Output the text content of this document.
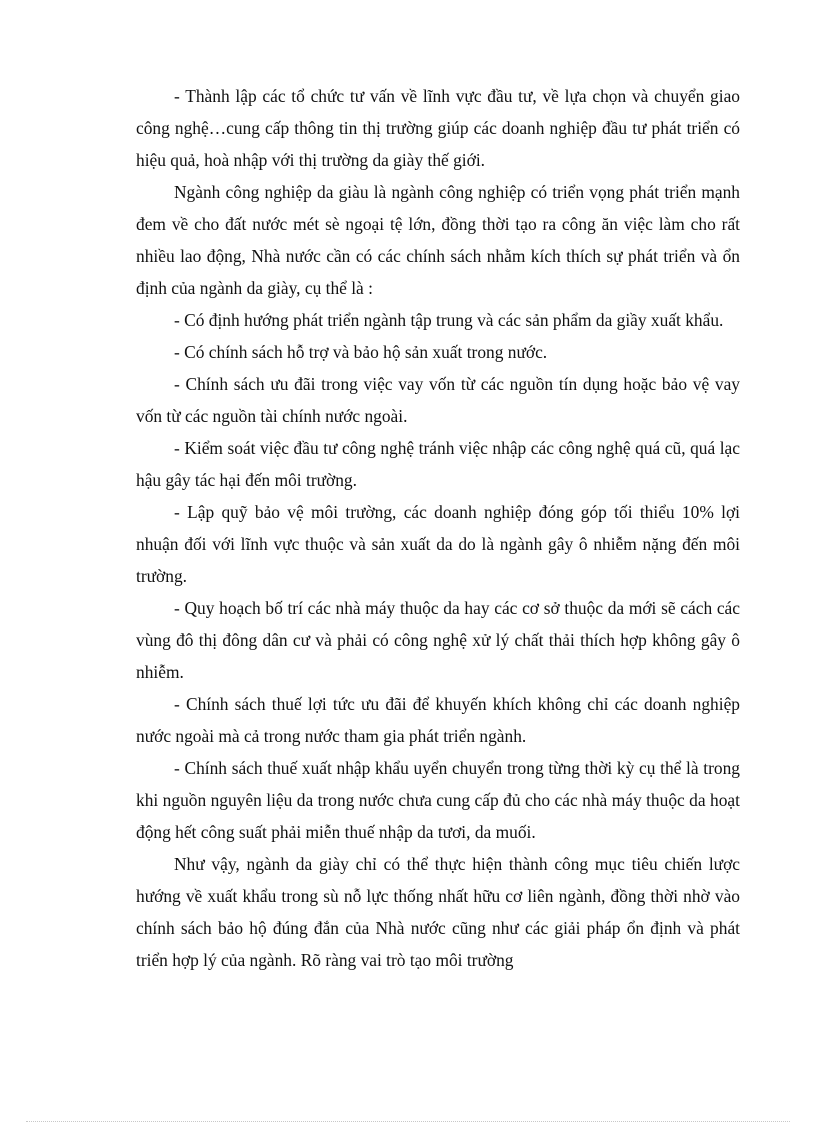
- Thành lập các tổ chức tư vấn về lĩnh vực đầu tư, về lựa chọn và chuyển giao công nghệ…cung cấp thông tin thị trường giúp các doanh nghiệp đầu tư phát triển có hiệu quả, hoà nhập với thị trường da giày thế giới.

Ngành công nghiệp da giàu là ngành công nghiệp có triển vọng phát triển mạnh đem về cho đất nước mét sè ngoại tệ lớn, đồng thời tạo ra công ăn việc làm cho rất nhiều lao động, Nhà nước cần có các chính sách nhằm kích thích sự phát triển và ổn định của ngành da giày, cụ thể là :

- Có định hướng phát triển ngành tập trung và các sản phẩm da giầy xuất khẩu.

- Có chính sách hỗ trợ và bảo hộ sản xuất trong nước.

- Chính sách ưu đãi trong việc vay vốn từ các nguồn tín dụng hoặc bảo vệ vay vốn từ các nguồn tài chính nước ngoài.

- Kiểm soát việc đầu tư công nghệ tránh việc nhập các công nghệ quá cũ, quá lạc hậu gây tác hại đến môi trường.

- Lập quỹ bảo vệ môi trường, các doanh nghiệp đóng góp tối thiểu 10% lợi nhuận đối với lĩnh vực thuộc và sản xuất da do là ngành gây ô nhiễm nặng đến môi trường.

- Quy hoạch bố trí các nhà máy thuộc da hay các cơ sở thuộc da mới sẽ cách các vùng đô thị đông dân cư và phải có công nghệ xử lý chất thải thích hợp không gây ô nhiễm.

- Chính sách thuế lợi tức ưu đãi để khuyến khích không chỉ các doanh nghiệp nước ngoài mà cả trong nước tham gia phát triển ngành.

- Chính sách thuế xuất nhập khẩu uyển chuyển trong từng thời kỳ cụ thể là trong khi nguồn nguyên liệu da trong nước chưa cung cấp đủ cho các nhà máy thuộc da hoạt động hết công suất phải miễn thuế nhập da tươi, da muối.

Như vậy, ngành da giày chỉ có thể thực hiện thành công mục tiêu chiến lược hướng về xuất khẩu trong sù nỗ lực thống nhất hữu cơ liên ngành, đồng thời nhờ vào chính sách bảo hộ đúng đắn của Nhà nước cũng như các giải pháp ổn định và phát triển hợp lý của ngành. Rõ ràng vai trò tạo môi trường
